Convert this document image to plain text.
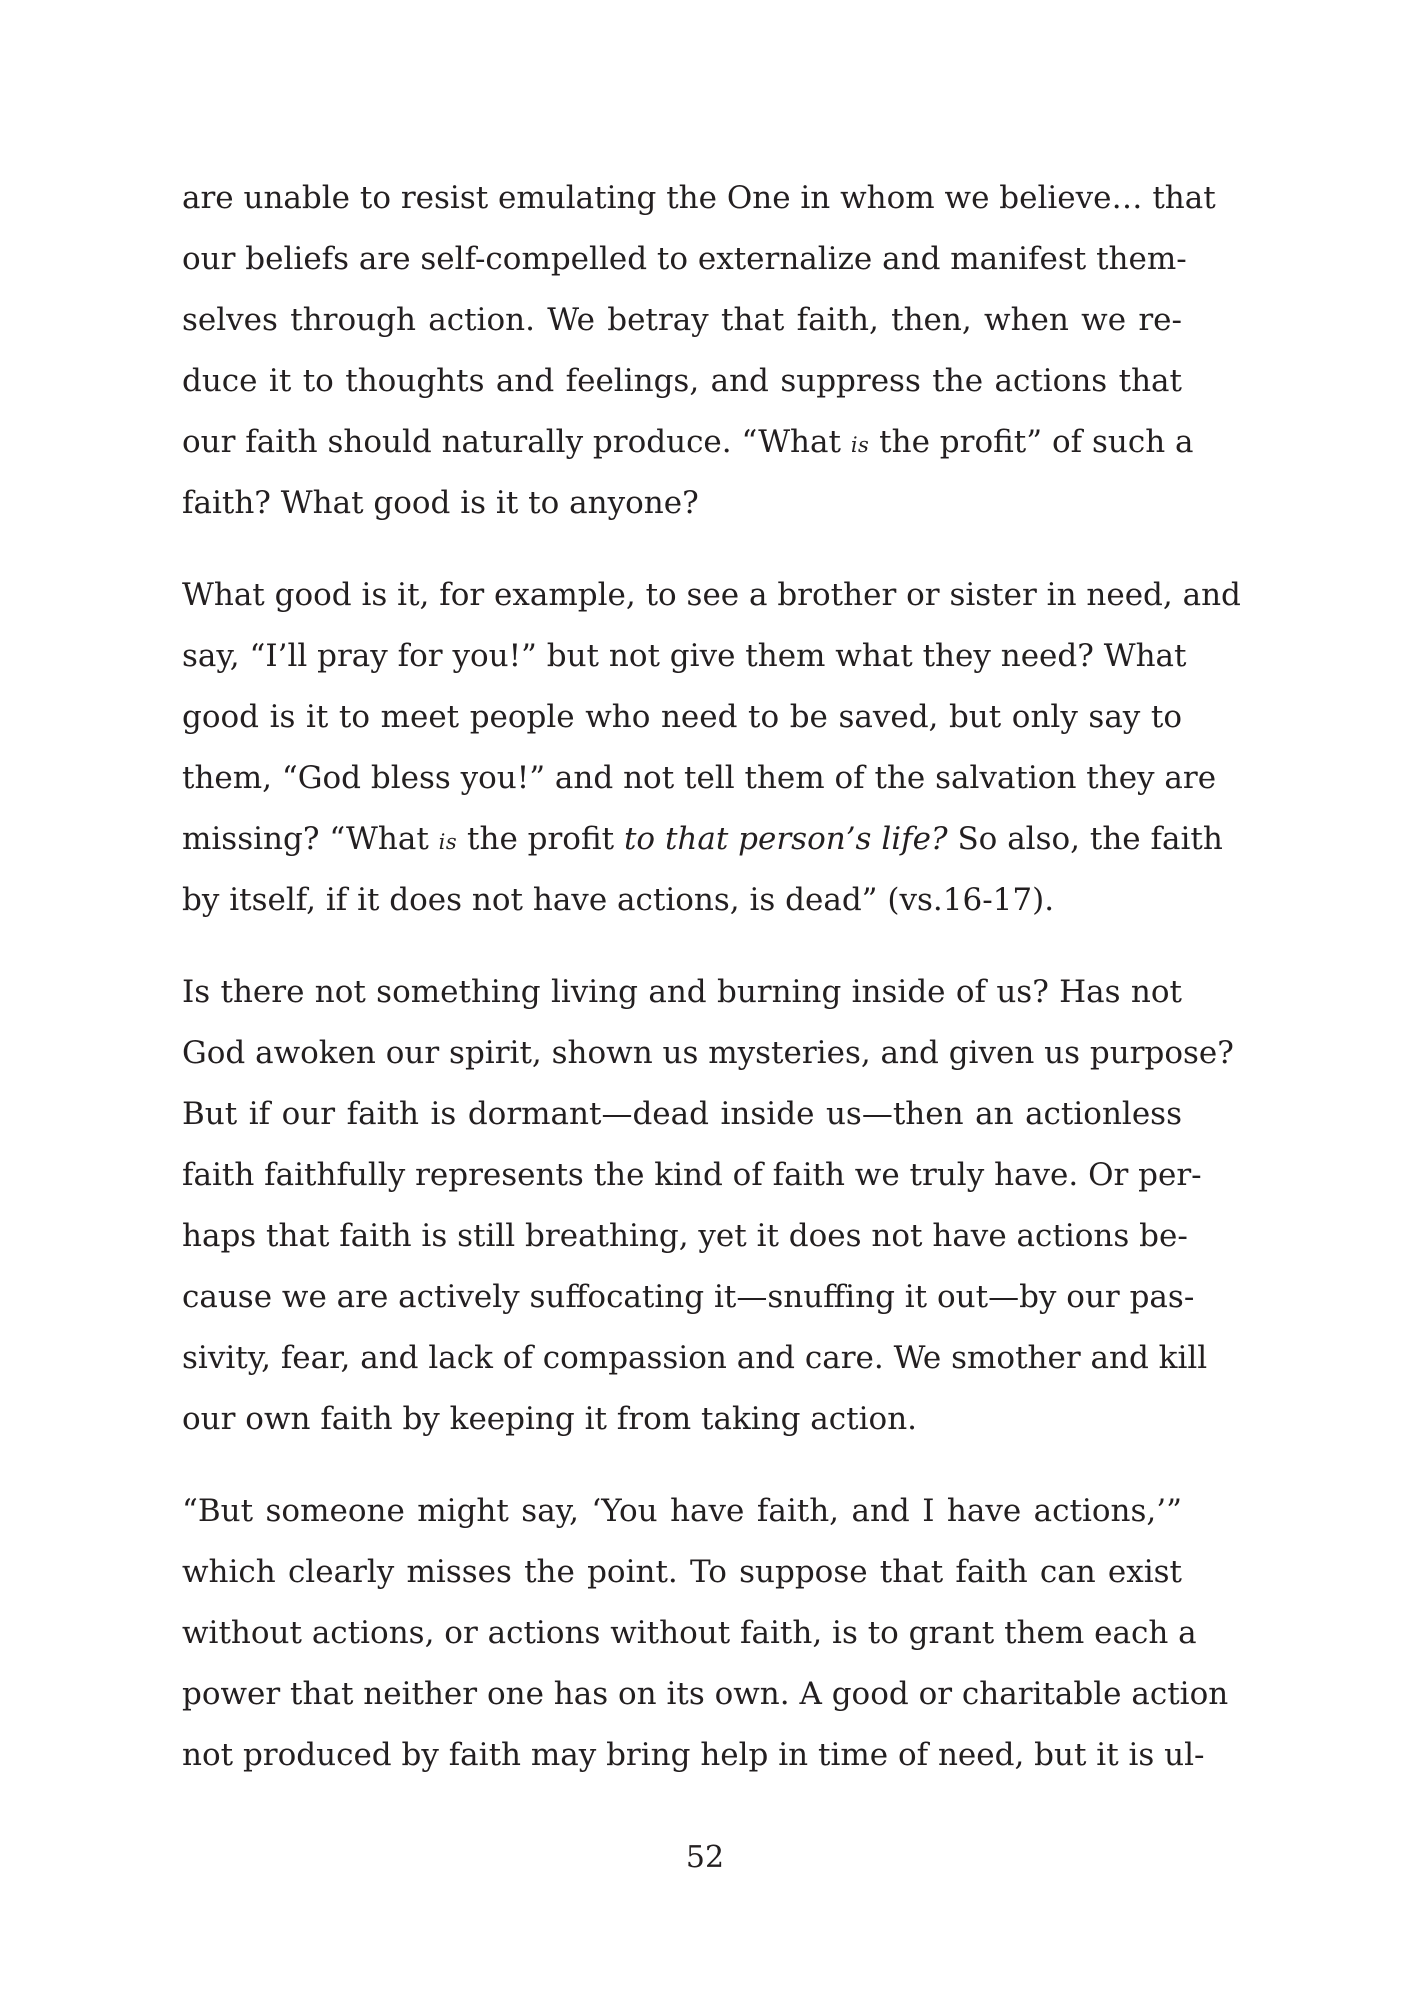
are unable to resist emulating the One in whom we believe… that
our beliefs are self-compelled to externalize and manifest them-
selves through action. We betray that faith, then, when we re-
duce it to thoughts and feelings, and suppress the actions that
our faith should naturally produce. “What is the profit” of such a
faith? What good is it to anyone?
What good is it, for example, to see a brother or sister in need, and
say, “I’ll pray for you!” but not give them what they need? What
good is it to meet people who need to be saved, but only say to
them, “God bless you!” and not tell them of the salvation they are
missing? “What is the profit to that person’s life? So also, the faith
by itself, if it does not have actions, is dead” (vs.16-17).
Is there not something living and burning inside of us? Has not
God awoken our spirit, shown us mysteries, and given us purpose?
But if our faith is dormant—dead inside us—then an actionless
faith faithfully represents the kind of faith we truly have. Or per-
haps that faith is still breathing, yet it does not have actions be-
cause we are actively suffocating it—snuffing it out—by our pas-
sivity, fear, and lack of compassion and care. We smother and kill
our own faith by keeping it from taking action.
“But someone might say, ‘You have faith, and I have actions,’”
which clearly misses the point. To suppose that faith can exist
without actions, or actions without faith, is to grant them each a
power that neither one has on its own. A good or charitable action
not produced by faith may bring help in time of need, but it is ul-
52
